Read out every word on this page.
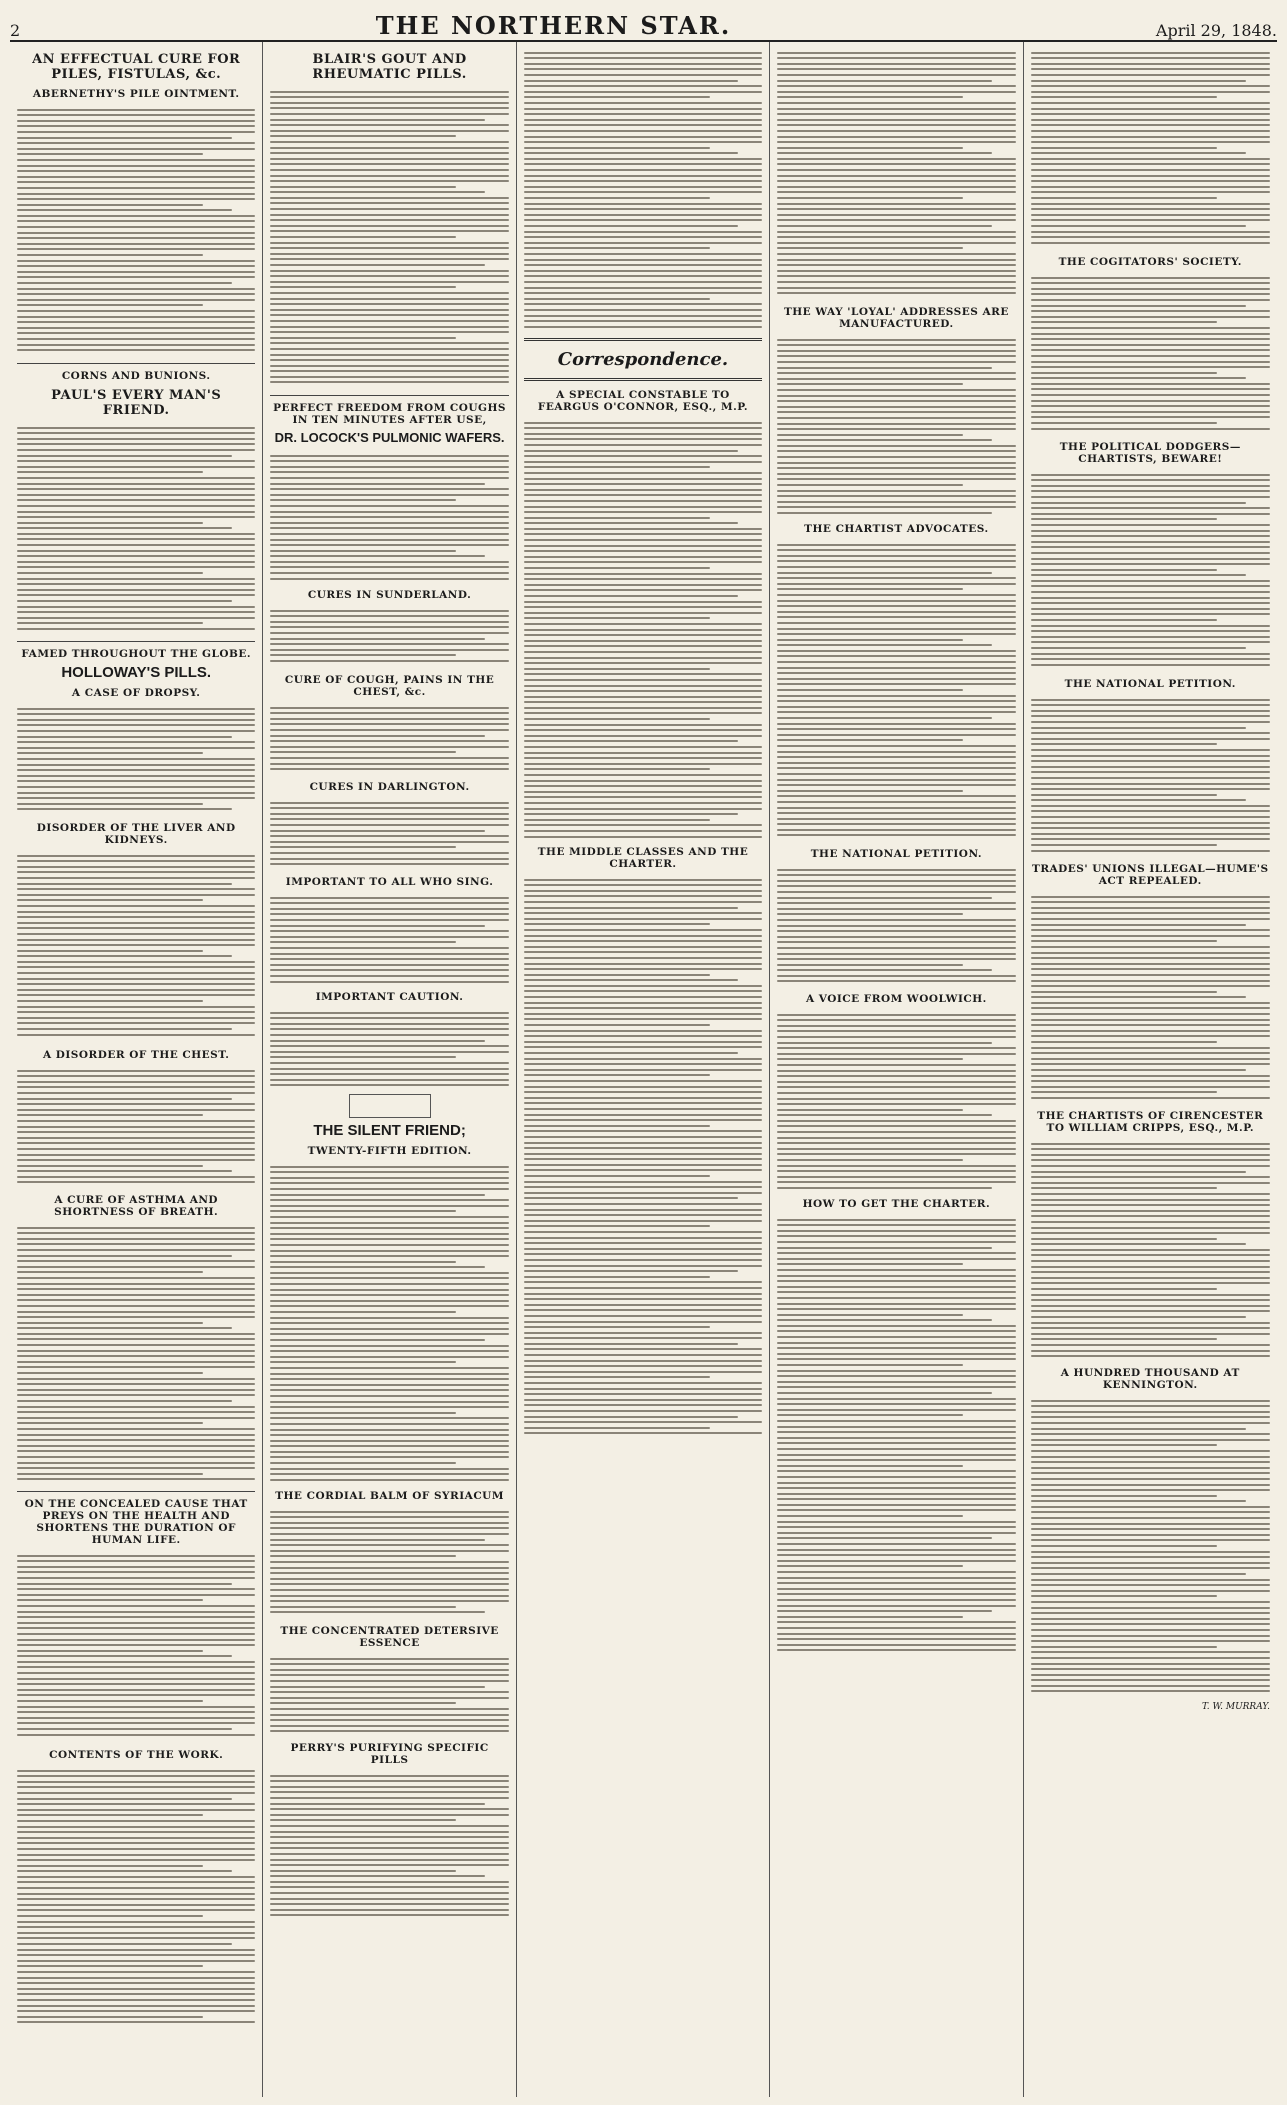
2	THE NORTHERN STAR.	April 29, 1848.
AN EFFECTUAL CURE FOR PILES, FISTULAS, &c.
ABERNETHY'S PILE OINTMENT.
CORNS AND BUNIONS.
PAUL'S EVERY MAN'S FRIEND.
FAMED THROUGHOUT THE GLOBE.
HOLLOWAY'S PILLS.
A CASE OF DROPSY.
DISORDER OF THE LIVER AND KIDNEYS.
A DISORDER OF THE CHEST.
A CURE OF ASTHMA AND SHORTNESS OF BREATH.
ON THE CONCEALED CAUSE THAT PREYS ON THE HEALTH AND SHORTENS THE DURATION OF HUMAN LIFE.
CONTENTS OF THE WORK.
BLAIR'S GOUT AND RHEUMATIC PILLS.
PERFECT FREEDOM FROM COUGHS IN TEN MINUTES AFTER USE,
DR. LOCOCK'S PULMONIC WAFERS.
CURES IN SUNDERLAND.
CURE OF COUGH, PAINS IN THE CHEST, &c.
CURES IN DARLINGTON.
IMPORTANT TO ALL WHO SING.
IMPORTANT CAUTION.
THE SILENT FRIEND;
TWENTY-FIFTH EDITION.
THE CORDIAL BALM OF SYRIACUM
THE CONCENTRATED DETERSIVE ESSENCE
PERRY'S PURIFYING SPECIFIC PILLS
Correspondence.
A SPECIAL CONSTABLE TO FEARGUS O'CONNOR, ESQ., M.P.
THE MIDDLE CLASSES AND THE CHARTER.
THE WAY 'LOYAL' ADDRESSES ARE MANUFACTURED.
THE CHARTIST ADVOCATES.
THE NATIONAL PETITION.
A VOICE FROM WOOLWICH.
HOW TO GET THE CHARTER.
THE COGITATORS' SOCIETY.
THE POLITICAL DODGERS—CHARTISTS, BEWARE!
THE NATIONAL PETITION.
TRADES' UNIONS ILLEGAL—HUME'S ACT REPEALED.
THE CHARTISTS OF CIRENCESTER TO WILLIAM CRIPPS, ESQ., M.P.
A HUNDRED THOUSAND AT KENNINGTON.
T. W. MURRAY.
